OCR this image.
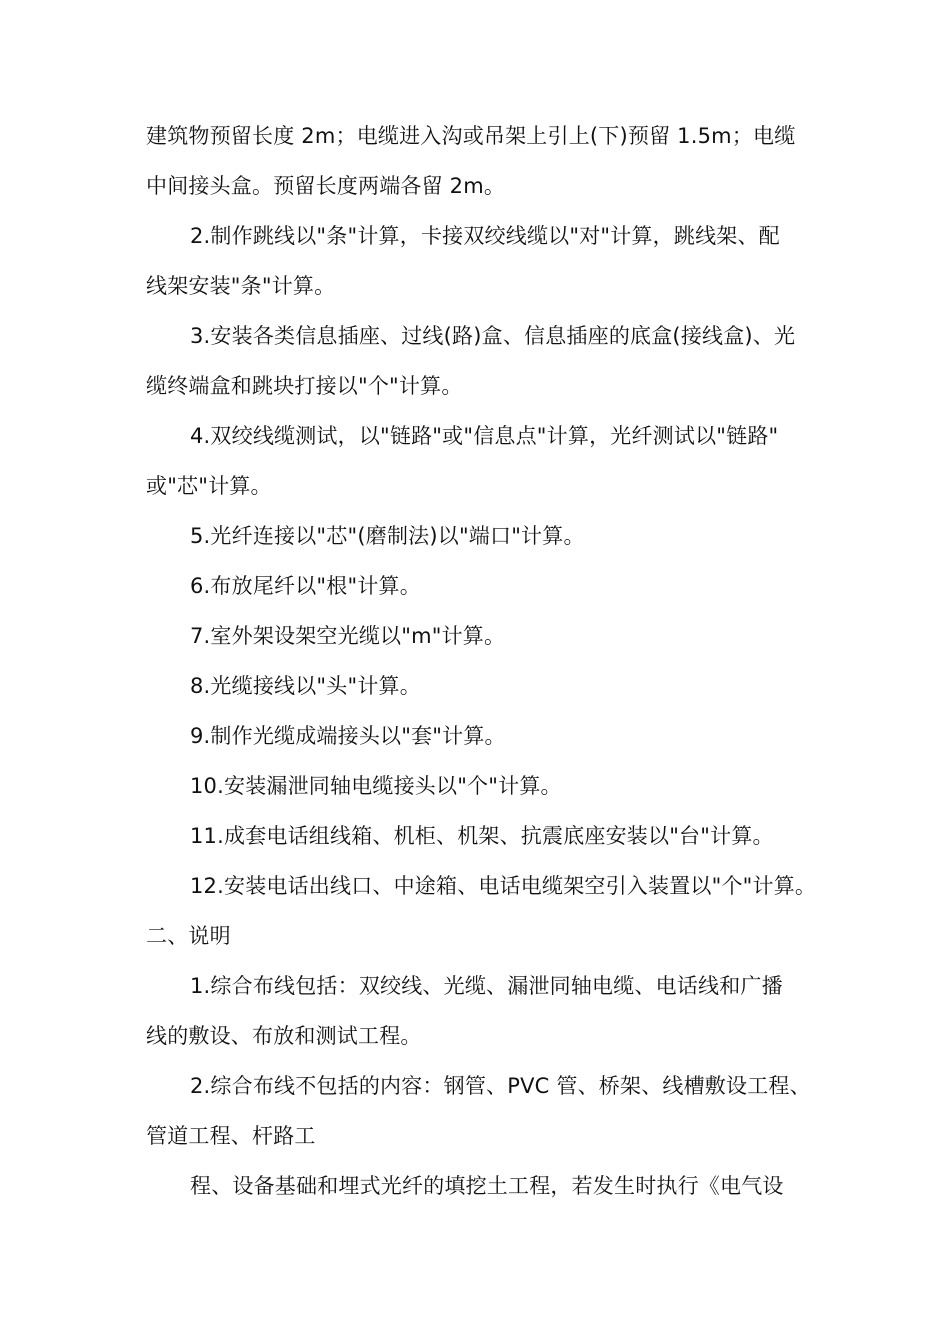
建筑物预留长度 2m；电缆进入沟或吊架上引上(下)预留 1.5m；电缆
中间接头盒。预留长度两端各留 2m。
2.制作跳线以"条"计算，卡接双绞线缆以"对"计算，跳线架、配
线架安装"条"计算。
3.安装各类信息插座、过线(路)盒、信息插座的底盒(接线盒)、光
缆终端盒和跳块打接以"个"计算。
4.双绞线缆测试，以"链路"或"信息点"计算，光纤测试以"链路"
或"芯"计算。
5.光纤连接以"芯"(磨制法)以"端口"计算。
6.布放尾纤以"根"计算。
7.室外架设架空光缆以"m"计算。
8.光缆接线以"头"计算。
9.制作光缆成端接头以"套"计算。
10.安装漏泄同轴电缆接头以"个"计算。
11.成套电话组线箱、机柜、机架、抗震底座安装以"台"计算。
12.安装电话出线口、中途箱、电话电缆架空引入装置以"个"计算。
二、说明
1.综合布线包括：双绞线、光缆、漏泄同轴电缆、电话线和广播
线的敷设、布放和测试工程。
2.综合布线不包括的内容：钢管、PVC 管、桥架、线槽敷设工程、
管道工程、杆路工
程、设备基础和埋式光纤的填挖土工程，若发生时执行《电气设
